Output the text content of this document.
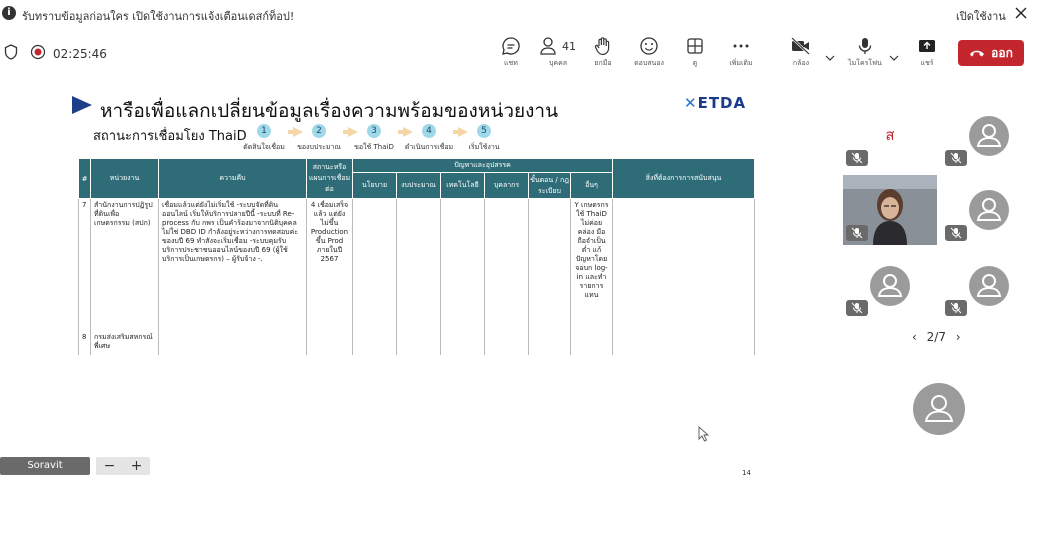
i	รับทราบข้อมูลก่อนใคร เปิดใช้งานการแจ้งเตือนเดสก์ท็อป!	เปิดใช้งาน
02:25:46
แชท
41
บุคคล	ยกมือ	ตอบสนอง	ดู	เพิ่มเติม	กล้อง	ไมโครโฟน	แชร์
ออก
หารือเพื่อแลกเปลี่ยนข้อมูลเรื่องความพร้อมของหน่วยงาน	✕ETDA
สถานะการเชื่อมโยง ThaiD	1	2	3	4	5
ตัดสินใจเชื่อม ของบประมาณ ขอใช้ ThaiD ดำเนินการเชื่อม เริ่มใช้งาน
#	หน่วยงาน	ความคืบ	สถานะหรือแผนการเชื่อมต่อ	ปัญหาและอุปสรรค						สิ่งที่ต้องการการสนับสนุน
				นโยบาย	งบประมาณ	เทคโนโลยี	บุคลากร	ขั้นตอน / กฎระเบียบ	อื่นๆ	
7	สำนักงานการปฏิรูปที่ดินเพื่อเกษตรกรรม (สปก)	เชื่อมแล้วแต่ยังไม่เริ่มใช้ -ระบบจัดที่ดินออนไลน์ เริ่มให้บริการปลายปีนี้ -ระบบที่ Re-process กับ กพร เป็นคำร้องมาจากนิติบุคคล ไม่ใช่ DBD ID กำลังอยู่ระหว่างการทดสอบค่ะ ของบปี 69 ทำสังจะเริ่มเชื่อม -ระบบคุมรับบริการประชาชนออนไลน์ของบปี 69 (ผู้ใช้บริการเป็นเกษตรกร) – ผู้รับจ้าง -.	4 เชื่อมเสร็จแล้ว แต่ยังไม่ขึ้น Production ขึ้น Prod ภายในปี 2567						Y เกษตรกรใช้ ThaiD ไม่ค่อยคล่อง มือถือจำเป็นต่ำ แก้ปัญหาโดยจอบก log-in และทำรายการแทน	
8	กรมส่งเสริมสหกรณ์ พี่เศษ									
14
Soravit Apisakulrat
− +
ส
‹ 2/7 ›
